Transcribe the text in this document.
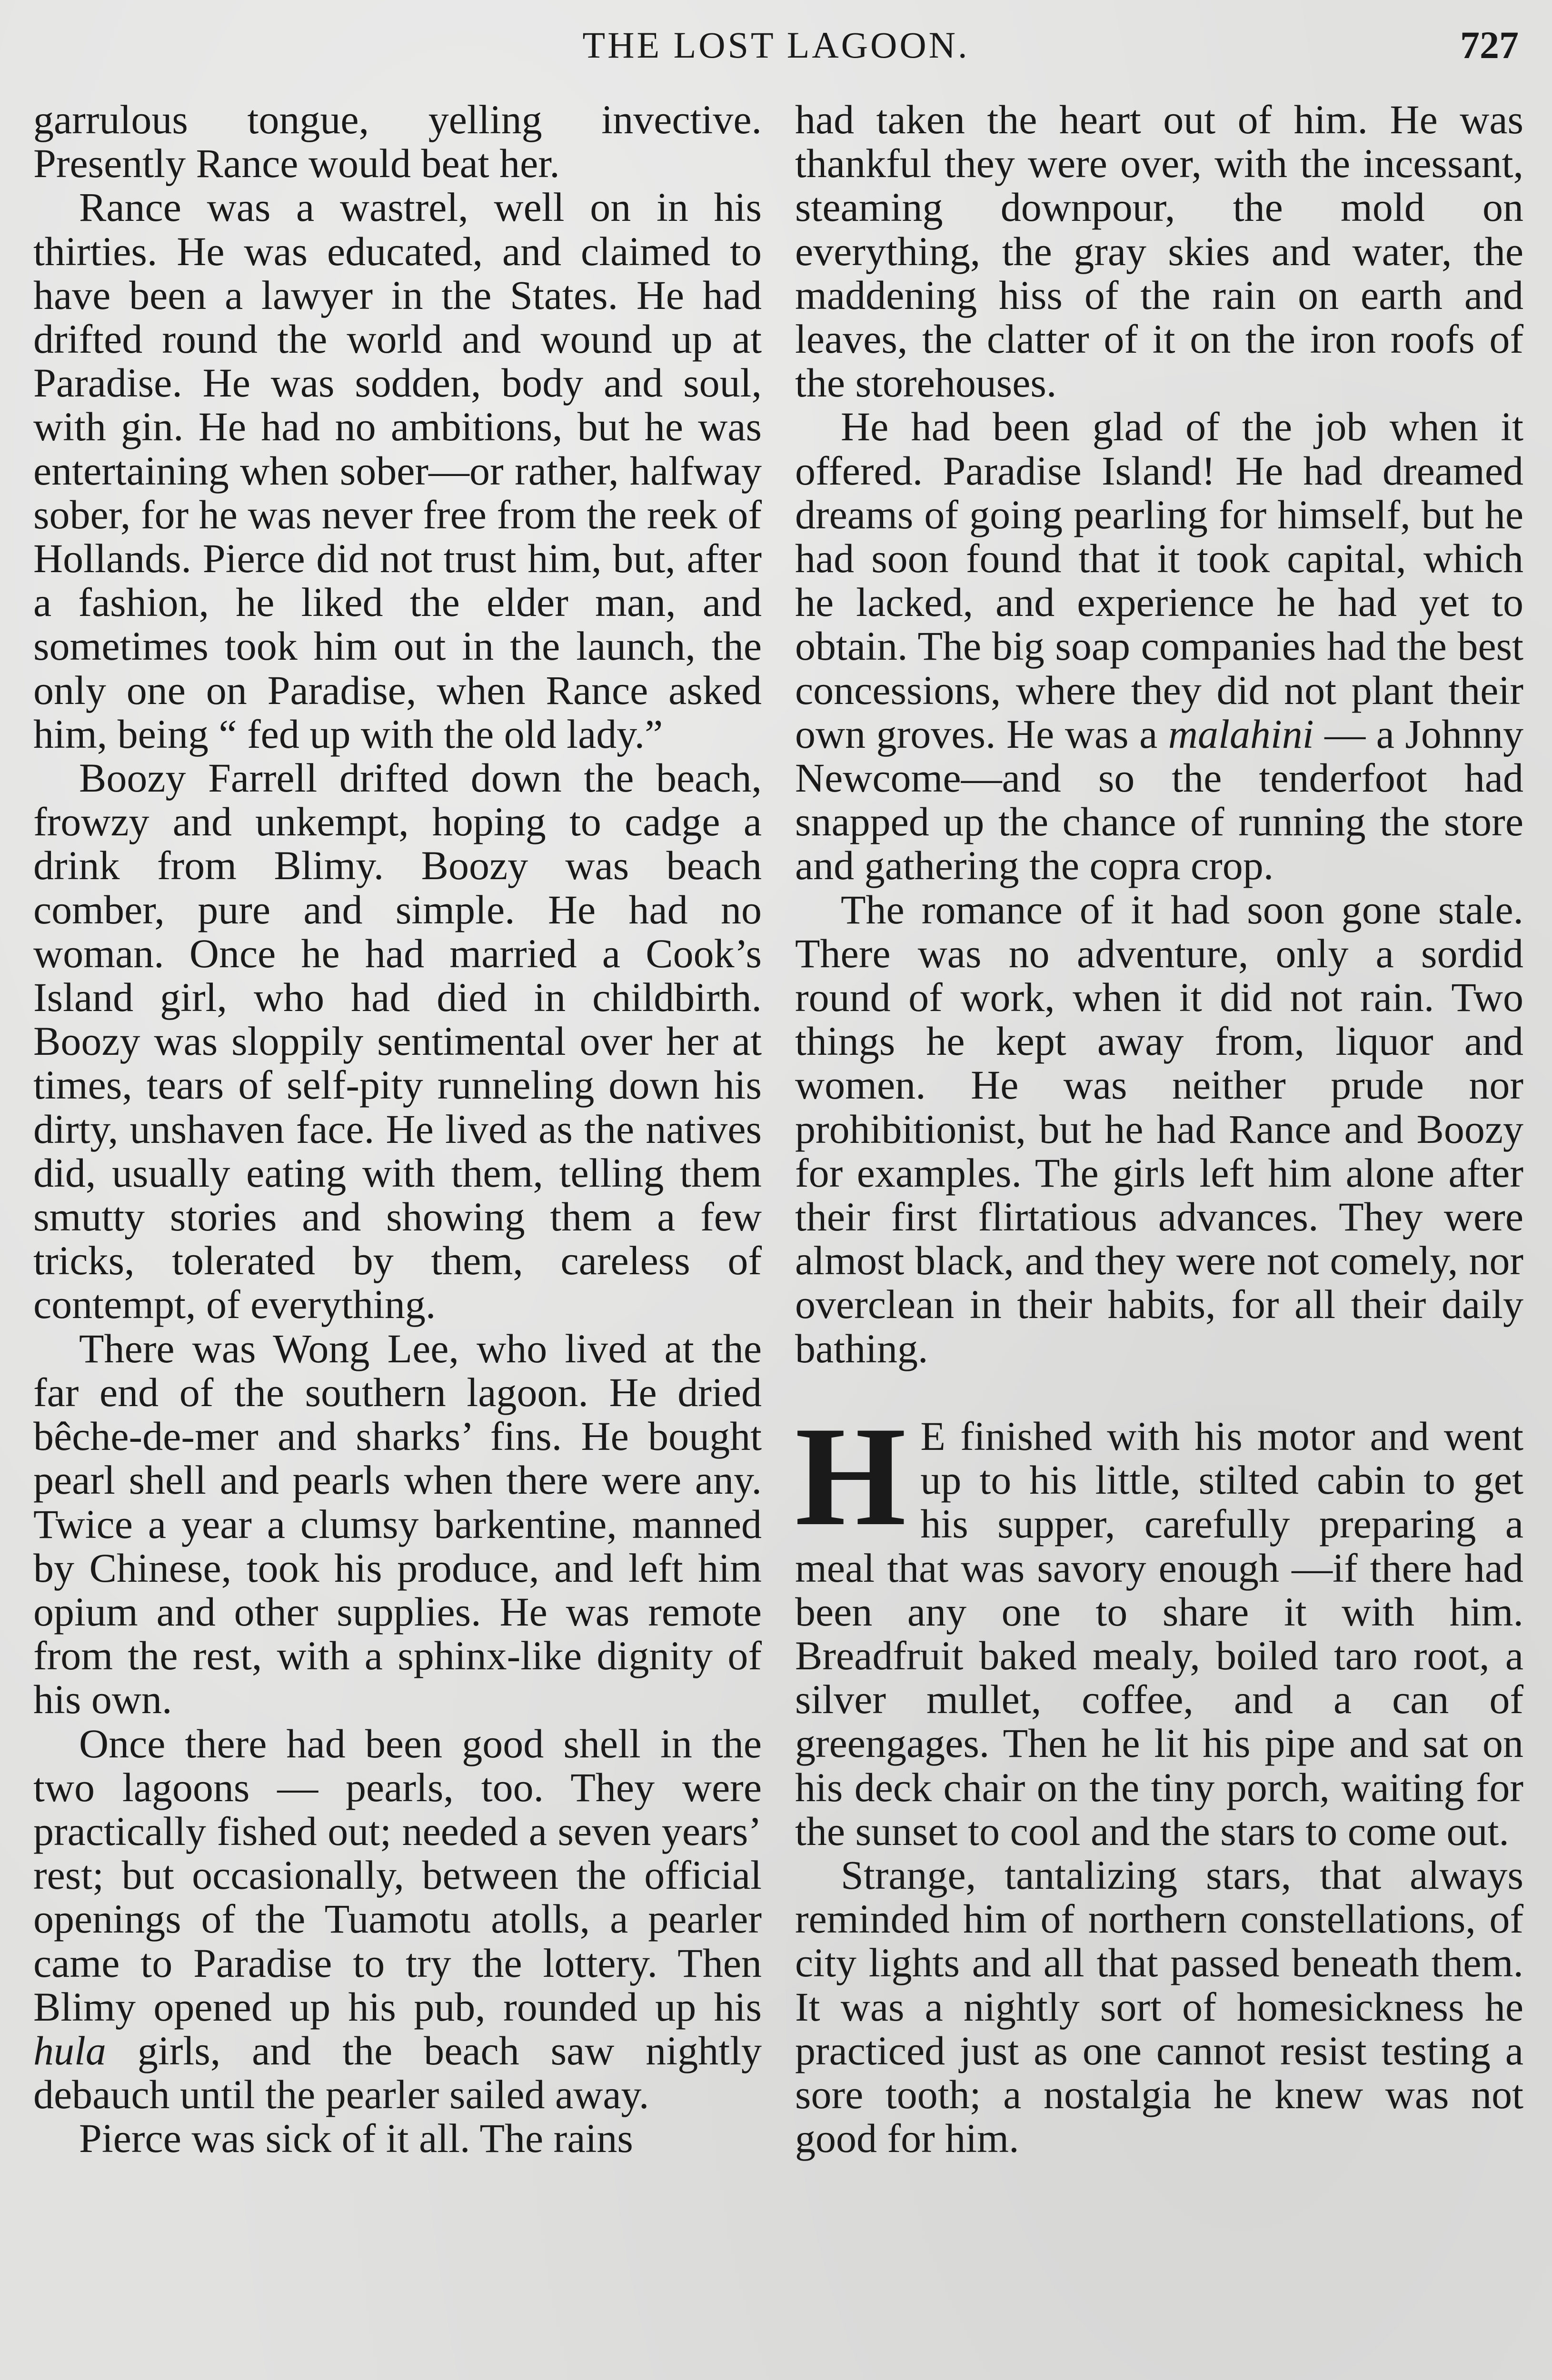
THE LOST LAGOON.	727

garrulous tongue, yelling invective. Presently Rance would beat her.

Rance was a wastrel, well on in his thirties. He was educated, and claimed to have been a lawyer in the States. He had drifted round the world and wound up at Paradise. He was sodden, body and soul, with gin. He had no ambitions, but he was entertaining when sober—or rather, halfway sober, for he was never free from the reek of Hollands. Pierce did not trust him, but, after a fashion, he liked the elder man, and sometimes took him out in the launch, the only one on Paradise, when Rance asked him, being “ fed up with the old lady.”

Boozy Farrell drifted down the beach, frowzy and unkempt, hoping to cadge a drink from Blimy. Boozy was beach comber, pure and simple. He had no woman. Once he had married a Cook’s Island girl, who had died in childbirth. Boozy was sloppily sentimental over her at times, tears of self-pity runneling down his dirty, unshaven face. He lived as the natives did, usually eating with them, telling them smutty stories and showing them a few tricks, tolerated by them, careless of contempt, of everything.

There was Wong Lee, who lived at the far end of the southern lagoon. He dried bêche-de-mer and sharks’ fins. He bought pearl shell and pearls when there were any. Twice a year a clumsy barkentine, manned by Chinese, took his produce, and left him opium and other supplies. He was remote from the rest, with a sphinx-like dignity of his own.

Once there had been good shell in the two lagoons — pearls, too. They were practically fished out; needed a seven years’ rest; but occasionally, between the official openings of the Tuamotu atolls, a pearler came to Paradise to try the lottery. Then Blimy opened up his pub, rounded up his hula girls, and the beach saw nightly debauch until the pearler sailed away.

Pierce was sick of it all. The rains

had taken the heart out of him. He was thankful they were over, with the incessant, steaming downpour, the mold on everything, the gray skies and water, the maddening hiss of the rain on earth and leaves, the clatter of it on the iron roofs of the storehouses.

He had been glad of the job when it offered. Paradise Island! He had dreamed dreams of going pearling for himself, but he had soon found that it took capital, which he lacked, and experience he had yet to obtain. The big soap companies had the best concessions, where they did not plant their own groves. He was a malahini — a Johnny Newcome—and so the tenderfoot had snapped up the chance of running the store and gathering the copra crop.

The romance of it had soon gone stale. There was no adventure, only a sordid round of work, when it did not rain. Two things he kept away from, liquor and women. He was neither prude nor prohibitionist, but he had Rance and Boozy for examples. The girls left him alone after their first flirtatious advances. They were almost black, and they were not comely, nor overclean in their habits, for all their daily bathing.

H E finished with his motor and went up to his little, stilted cabin to get his supper, carefully preparing a meal that was savory enough —if there had been any one to share it with him. Breadfruit baked mealy, boiled taro root, a silver mullet, coffee, and a can of greengages. Then he lit his pipe and sat on his deck chair on the tiny porch, waiting for the sunset to cool and the stars to come out.

Strange, tantalizing stars, that always reminded him of northern constellations, of city lights and all that passed beneath them. It was a nightly sort of homesickness he practiced just as one cannot resist testing a sore tooth; a nostalgia he knew was not good for him.
